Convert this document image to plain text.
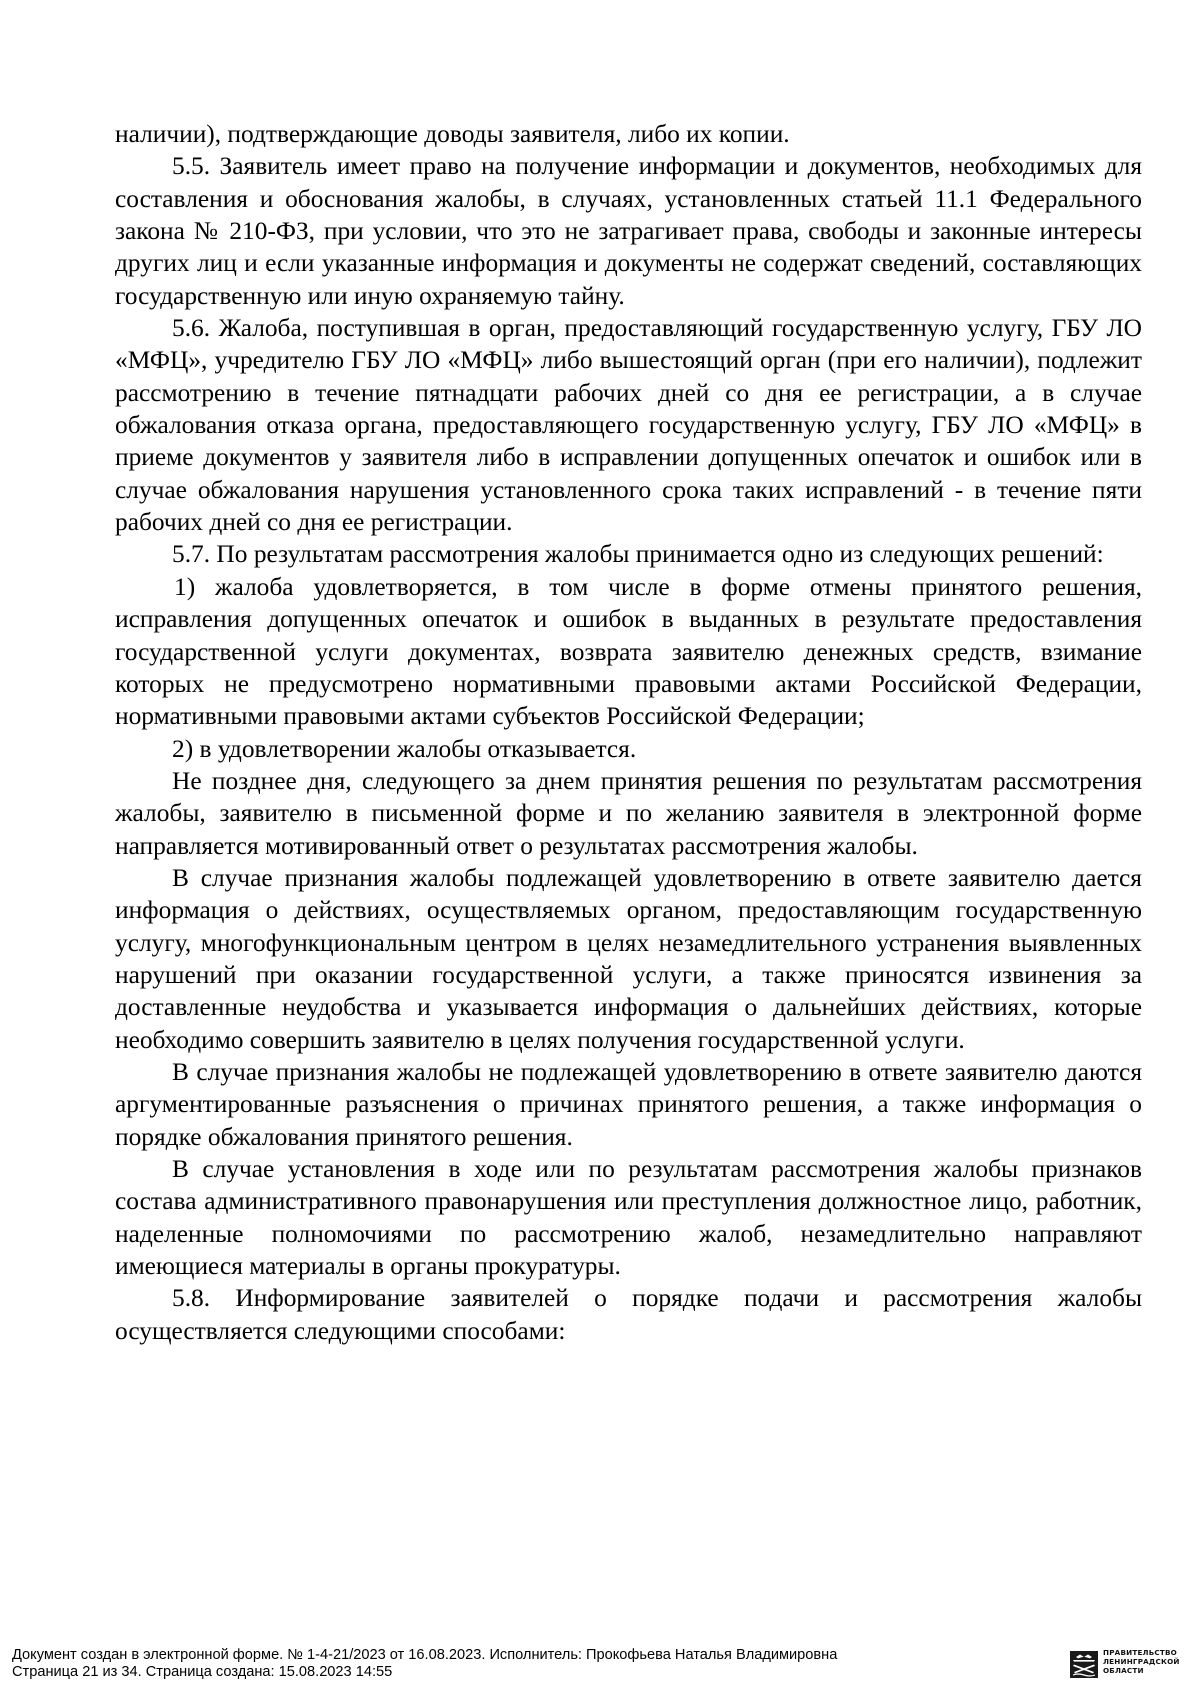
наличии), подтверждающие доводы заявителя, либо их копии.

5.5. Заявитель имеет право на получение информации и документов, необходимых для составления и обоснования жалобы, в случаях, установленных статьей 11.1 Федерального закона № 210-ФЗ, при условии, что это не затрагивает права, свободы и законные интересы других лиц и если указанные информация и документы не содержат сведений, составляющих государственную или иную охраняемую тайну.

5.6. Жалоба, поступившая в орган, предоставляющий государственную услугу, ГБУ ЛО «МФЦ», учредителю ГБУ ЛО «МФЦ» либо вышестоящий орган (при его наличии), подлежит рассмотрению в течение пятнадцати рабочих дней со дня ее регистрации, а в случае обжалования отказа органа, предоставляющего государственную услугу, ГБУ ЛО «МФЦ» в приеме документов у заявителя либо в исправлении допущенных опечаток и ошибок или в случае обжалования нарушения установленного срока таких исправлений - в течение пяти рабочих дней со дня ее регистрации.

5.7. По результатам рассмотрения жалобы принимается одно из следующих решений:

1) жалоба удовлетворяется, в том числе в форме отмены принятого решения, исправления допущенных опечаток и ошибок в выданных в результате предоставления государственной услуги документах, возврата заявителю денежных средств, взимание которых не предусмотрено нормативными правовыми актами Российской Федерации, нормативными правовыми актами субъектов Российской Федерации;

2) в удовлетворении жалобы отказывается.

Не позднее дня, следующего за днем принятия решения по результатам рассмотрения жалобы, заявителю в письменной форме и по желанию заявителя в электронной форме направляется мотивированный ответ о результатах рассмотрения жалобы.

В случае признания жалобы подлежащей удовлетворению в ответе заявителю дается информация о действиях, осуществляемых органом, предоставляющим государственную услугу, многофункциональным центром в целях незамедлительного устранения выявленных нарушений при оказании государственной услуги, а также приносятся извинения за доставленные неудобства и указывается информация о дальнейших действиях, которые необходимо совершить заявителю в целях получения государственной услуги.

В случае признания жалобы не подлежащей удовлетворению в ответе заявителю даются аргументированные разъяснения о причинах принятого решения, а также информация о порядке обжалования принятого решения.

В случае установления в ходе или по результатам рассмотрения жалобы признаков состава административного правонарушения или преступления должностное лицо, работник, наделенные полномочиями по рассмотрению жалоб, незамедлительно направляют имеющиеся материалы в органы прокуратуры.

5.8. Информирование заявителей о порядке подачи и рассмотрения жалобы осуществляется следующими способами:

Документ создан в электронной форме. № 1-4-21/2023 от 16.08.2023. Исполнитель: Прокофьева Наталья Владимировна
Страница 21 из 34. Страница создана: 15.08.2023 14:55
ПРАВИТЕЛЬСТВО
ЛЕНИНГРАДСКОЙ
ОБЛАСТИ
